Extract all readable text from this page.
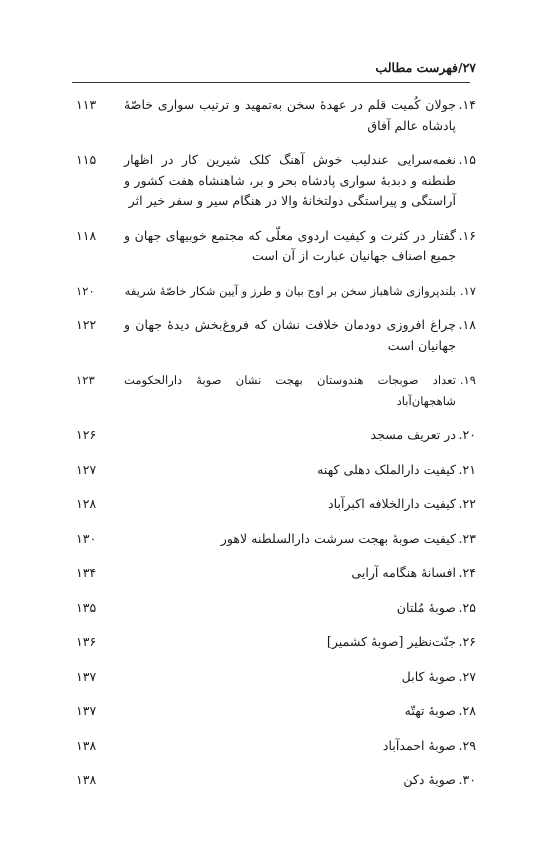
۲۷/فهرست مطالب
۱۴.
جولان کُمیت قلم در عهدهٔ سخن به‌تمهید و ترتیب سواری خاصّهٔ پادشاه عالم آفاق
۱۱۳
۱۵.
نغمه‌سرایی عندلیب خوش آهنگ کلک شیرین کار در اظهار طنطنه و دبدبهٔ سواری پادشاه بحر و بر، شاهنشاه هفت کشور و آراستگی و پیراستگی دولتخانهٔ والا در هنگام سیر و سفر خیر اثر
۱۱۵
۱۶.
گفتار در کثرت و کیفیت اردوی معلّی که مجتمع خوبیهای جهان و جمیع اصناف جهانیان عبارت از آن است
۱۱۸
۱۷.
بلندپروازی شاهباز سخن بر اوج بیان و طرز و آیین شکار خاصّهٔ شریفه
۱۲۰
۱۸.
چراغ افروزی دودمان خلافت نشان که فروغ‌بخش دیدهٔ جهان و جهانیان است
۱۲۲
۱۹.
تعداد صوبجات هندوستان بهجت نشان صوبهٔ دارالحکومت شاهجهان‌آباد
۱۲۳
۲۰.
در تعریف مسجد
۱۲۶
۲۱.
کیفیت دارالملک دهلی کهنه
۱۲۷
۲۲.
کیفیت دارالخلافه اکبرآباد
۱۲۸
۲۳.
کیفیت صوبهٔ بهجت سرشت دارالسلطنه لاهور
۱۳۰
۲۴.
افسانهٔ هنگامه آرایی
۱۳۴
۲۵.
صوبهٔ مُلتان
۱۳۵
۲۶.
جنّت‌نظیر [صوبهٔ کشمیر]
۱۳۶
۲۷.
صوبهٔ کابل
۱۳۷
۲۸.
صوبهٔ تهتّه
۱۳۷
۲۹.
صوبهٔ احمدآباد
۱۳۸
۳۰.
صوبهٔ دکن
۱۳۸
